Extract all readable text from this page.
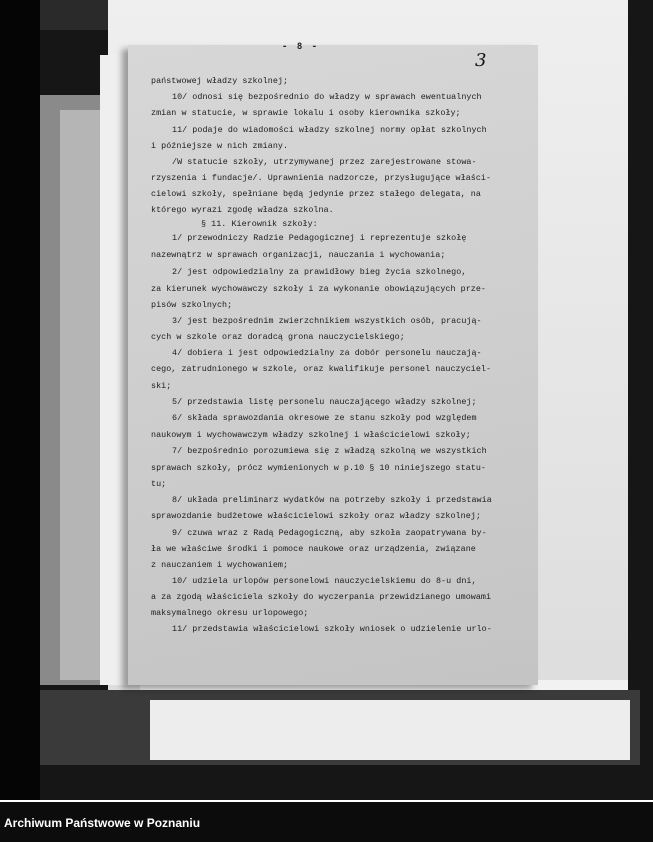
- 8 -
3
państwowej władzy szkolnej;
10/ odnosi się bezpośrednio do władzy w sprawach ewentualnych
zmian w statucie, w sprawie lokalu i osoby kierownika szkoły;
11/ podaje do wiadomości władzy szkolnej normy opłat szkolnych
i późniejsze w nich zmiany.
/W statucie szkoły, utrzymywanej przez zarejestrowane stowa-
rzyszenia i fundacje/. Uprawnienia nadzorcze, przysługujące właści-
cielowi szkoły, spełniane będą jedynie przez stałego delegata, na
którego wyrazi zgodę władza szkolna.
§ 11. Kierownik szkoły:
1/ przewodniczy Radzie Pedagogicznej i reprezentuje szkołę
nazewnątrz w sprawach organizacji, nauczania i wychowania;
2/ jest odpowiedzialny za prawidłowy bieg życia szkolnego,
za kierunek wychowawczy szkoły i za wykonanie obowiązujących prze-
pisów szkolnych;
3/ jest bezpośrednim zwierzchnikiem wszystkich osób, pracują-
cych w szkole oraz doradcą grona nauczycielskiego;
4/ dobiera i jest odpowiedzialny za dobór personelu nauczają-
cego, zatrudnionego w szkole, oraz kwalifikuje personel nauczyciel-
ski;
5/ przedstawia listę personelu nauczającego władzy szkolnej;
6/ składa sprawozdania okresowe ze stanu szkoły pod względem
naukowym i wychowawczym władzy szkolnej i właścicielowi szkoły;
7/ bezpośrednio porozumiewa się z władzą szkolną we wszystkich
sprawach szkoły, prócz wymienionych w p.10 § 10 niniejszego statu-
tu;
8/ układa preliminarz wydatków na potrzeby szkoły i przedstawia
sprawozdanie budżetowe właścicielowi szkoły oraz władzy szkolnej;
9/ czuwa wraz z Radą Pedagogiczną, aby szkoła zaopatrywana by-
ła we właściwe środki i pomoce naukowe oraz urządzenia, związane
z nauczaniem i wychowaniem;
10/ udziela urlopów personelowi nauczycielskiemu do 8-u dni,
a za zgodą właściciela szkoły do wyczerpania przewidzianego umowami
maksymalnego okresu urlopowego;
11/ przedstawia właścicielowi szkoły wniosek o udzielenie urlo-
Archiwum Państwowe w Poznaniu
